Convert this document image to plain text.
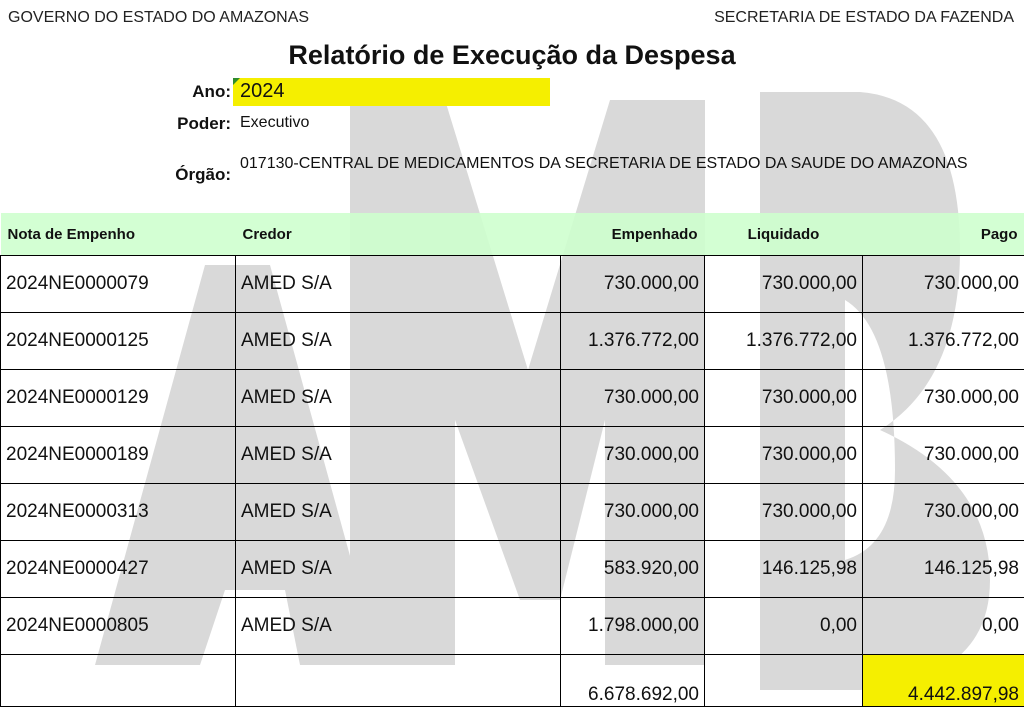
GOVERNO DO ESTADO DO AMAZONAS	SECRETARIA DE ESTADO DA FAZENDA
Relatório de Execução da Despesa
Ano: 2024
Poder: Executivo
Órgão:
017130-CENTRAL DE MEDICAMENTOS DA SECRETARIA DE ESTADO DA SAUDE DO AMAZONAS
Nota de Empenho	Credor	Empenhado	Liquidado	Pago
2024NE0000079	AMED S/A	730.000,00	730.000,00	730.000,00
2024NE0000125	AMED S/A	1.376.772,00	1.376.772,00	1.376.772,00
2024NE0000129	AMED S/A	730.000,00	730.000,00	730.000,00
2024NE0000189	AMED S/A	730.000,00	730.000,00	730.000,00
2024NE0000313	AMED S/A	730.000,00	730.000,00	730.000,00
2024NE0000427	AMED S/A	583.920,00	146.125,98	146.125,98
2024NE0000805	AMED S/A	1.798.000,00	0,00	0,00
		6.678.692,00		4.442.897,98
